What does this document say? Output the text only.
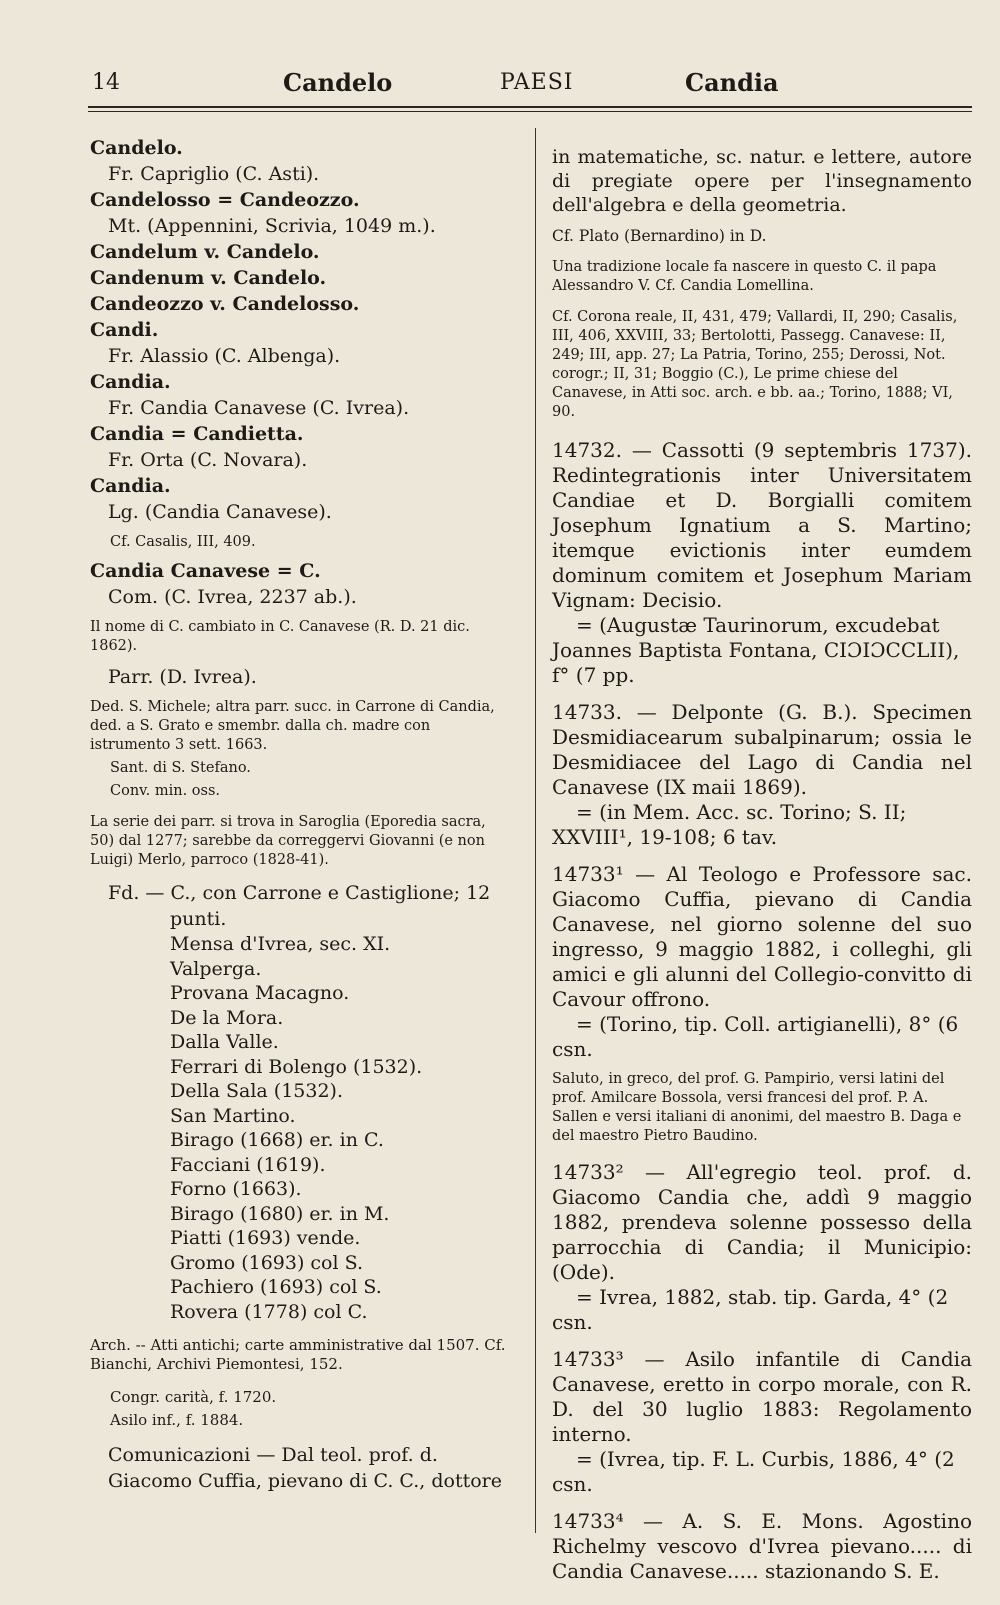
14	Candelo	PAESI	Candia

Candelo.

Fr. Capriglio (C. Asti).

Candelosso = Candeozzo.

Mt. (Appennini, Scrivia, 1049 m.).

Candelum v. Candelo.

Candenum v. Candelo.

Candeozzo v. Candelosso.

Candi.

Fr. Alassio (C. Albenga).

Candia.

Fr. Candia Canavese (C. Ivrea).

Candia = Candietta.

Fr. Orta (C. Novara).

Candia.

Lg. (Candia Canavese).

Cf. Casalis, III, 409.

Candia Canavese = C.

Com. (C. Ivrea, 2237 ab.).

Il nome di C. cambiato in C. Canavese (R. D. 21 dic. 1862).

Parr. (D. Ivrea).

Ded. S. Michele; altra parr. succ. in Carrone di Candia, ded. a S. Grato e smembr. dalla ch. madre con istrumento 3 sett. 1663.

Sant. di S. Stefano.

Conv. min. oss.

La serie dei parr. si trova in Saroglia (Eporedia sacra, 50) dal 1277; sarebbe da correggervi Giovanni (e non Luigi) Merlo, parroco (1828-41).

Fd. — C., con Carrone e Castiglione; 12

punti.

Mensa d'Ivrea, sec. XI.

Valperga.

Provana Macagno.

De la Mora.

Dalla Valle.

Ferrari di Bolengo (1532).

Della Sala (1532).

San Martino.

Birago (1668) er. in C.

Facciani (1619).

Forno (1663).

Birago (1680) er. in M.

Piatti (1693) vende.

Gromo (1693) col S.

Pachiero (1693) col S.

Rovera (1778) col C.

Arch. -- Atti antichi; carte amministrative dal 1507. Cf. Bianchi, Archivi Piemontesi, 152.

Congr. carità, f. 1720.

Asilo inf., f. 1884.

Comunicazioni — Dal teol. prof. d. Giacomo Cuffia, pievano di C. C., dottore

in matematiche, sc. natur. e lettere, autore di pregiate opere per l'insegnamento dell'algebra e della geometria.

Cf. Plato (Bernardino) in D.

Una tradizione locale fa nascere in questo C. il papa Alessandro V. Cf. Candia Lomellina.

Cf. Corona reale, II, 431, 479; Vallardi, II, 290; Casalis, III, 406, XXVIII, 33; Bertolotti, Passegg. Canavese: II, 249; III, app. 27; La Patria, Torino, 255; Derossi, Not. corogr.; II, 31; Boggio (C.), Le prime chiese del Canavese, in Atti soc. arch. e bb. aa.; Torino, 1888; VI, 90.

14732. — Cassotti (9 septembris 1737). Redintegrationis inter Universitatem Candiae et D. Borgialli comitem Josephum Ignatium a S. Martino; itemque evictionis inter eumdem dominum comitem et Josephum Mariam Vignam: Decisio.

= (Augustæ Taurinorum, excudebat Joannes Baptista Fontana, CIƆIƆCCLII), f° (7 pp.

14733. — Delponte (G. B.). Specimen Desmidiacearum subalpinarum; ossia le Desmidiacee del Lago di Candia nel Canavese (IX maii 1869).

= (in Mem. Acc. sc. Torino; S. II; XXVIII¹, 19-108; 6 tav.

14733¹ — Al Teologo e Professore sac. Giacomo Cuffia, pievano di Candia Canavese, nel giorno solenne del suo ingresso, 9 maggio 1882, i colleghi, gli amici e gli alunni del Collegio-convitto di Cavour offrono.

= (Torino, tip. Coll. artigianelli), 8° (6 csn.

Saluto, in greco, del prof. G. Pampirio, versi latini del prof. Amilcare Bossola, versi francesi del prof. P. A. Sallen e versi italiani di anonimi, del maestro B. Daga e del maestro Pietro Baudino.

14733² — All'egregio teol. prof. d. Giacomo Candia che, addì 9 maggio 1882, prendeva solenne possesso della parrocchia di Candia; il Municipio: (Ode).

= Ivrea, 1882, stab. tip. Garda, 4° (2 csn.

14733³ — Asilo infantile di Candia Canavese, eretto in corpo morale, con R. D. del 30 luglio 1883: Regolamento interno.

= (Ivrea, tip. F. L. Curbis, 1886, 4° (2 csn.

14733⁴ — A. S. E. Mons. Agostino Richelmy vescovo d'Ivrea pievano..... di Candia Canavese..... stazionando S. E.
